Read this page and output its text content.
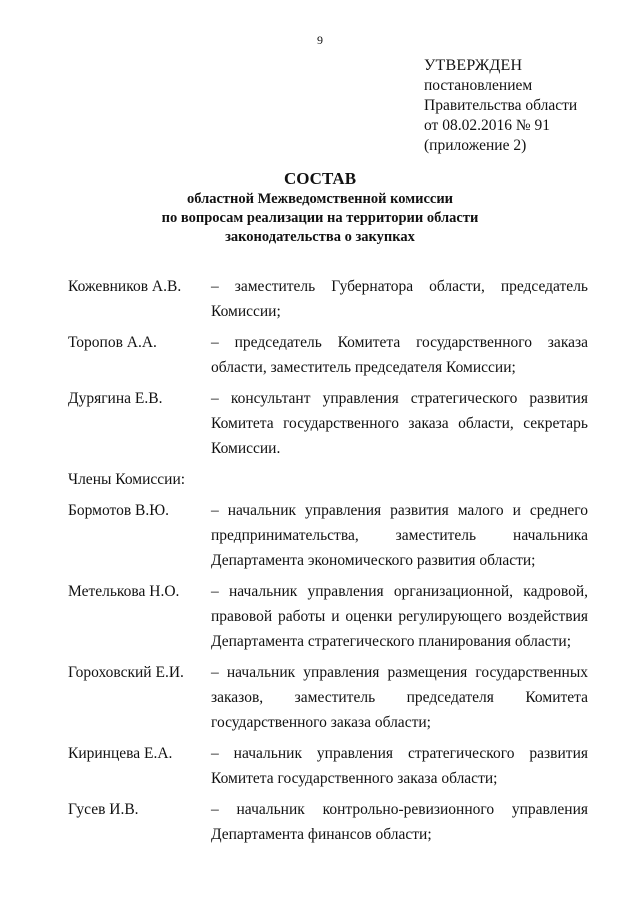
9
УТВЕРЖДЕН
постановлением
Правительства области
от 08.02.2016 № 91
(приложение 2)
СОСТАВ
областной Межведомственной комиссии
по вопросам реализации на территории области
законодательства о закупках
Кожевников А.В.	– заместитель Губернатора области, председатель Комиссии;
Торопов А.А.	– председатель Комитета государственного заказа области, заместитель председателя Комиссии;
Дурягина Е.В.	– консультант управления стратегического развития Комитета государственного заказа области, секретарь Комиссии.
Члены Комиссии:
Бормотов В.Ю.	– начальник управления развития малого и среднего предпринимательства, заместитель начальника Департамента экономического развития области;
Метелькова Н.О.	– начальник управления организационной, кадровой, правовой работы и оценки регулирующего воздействия Департамента стратегического планирования области;
Гороховский Е.И.	– начальник управления размещения государственных заказов, заместитель председателя Комитета государственного заказа области;
Киринцева Е.А.	– начальник управления стратегического развития Комитета государственного заказа области;
Гусев И.В.	– начальник контрольно-ревизионного управления Департамента финансов области;
